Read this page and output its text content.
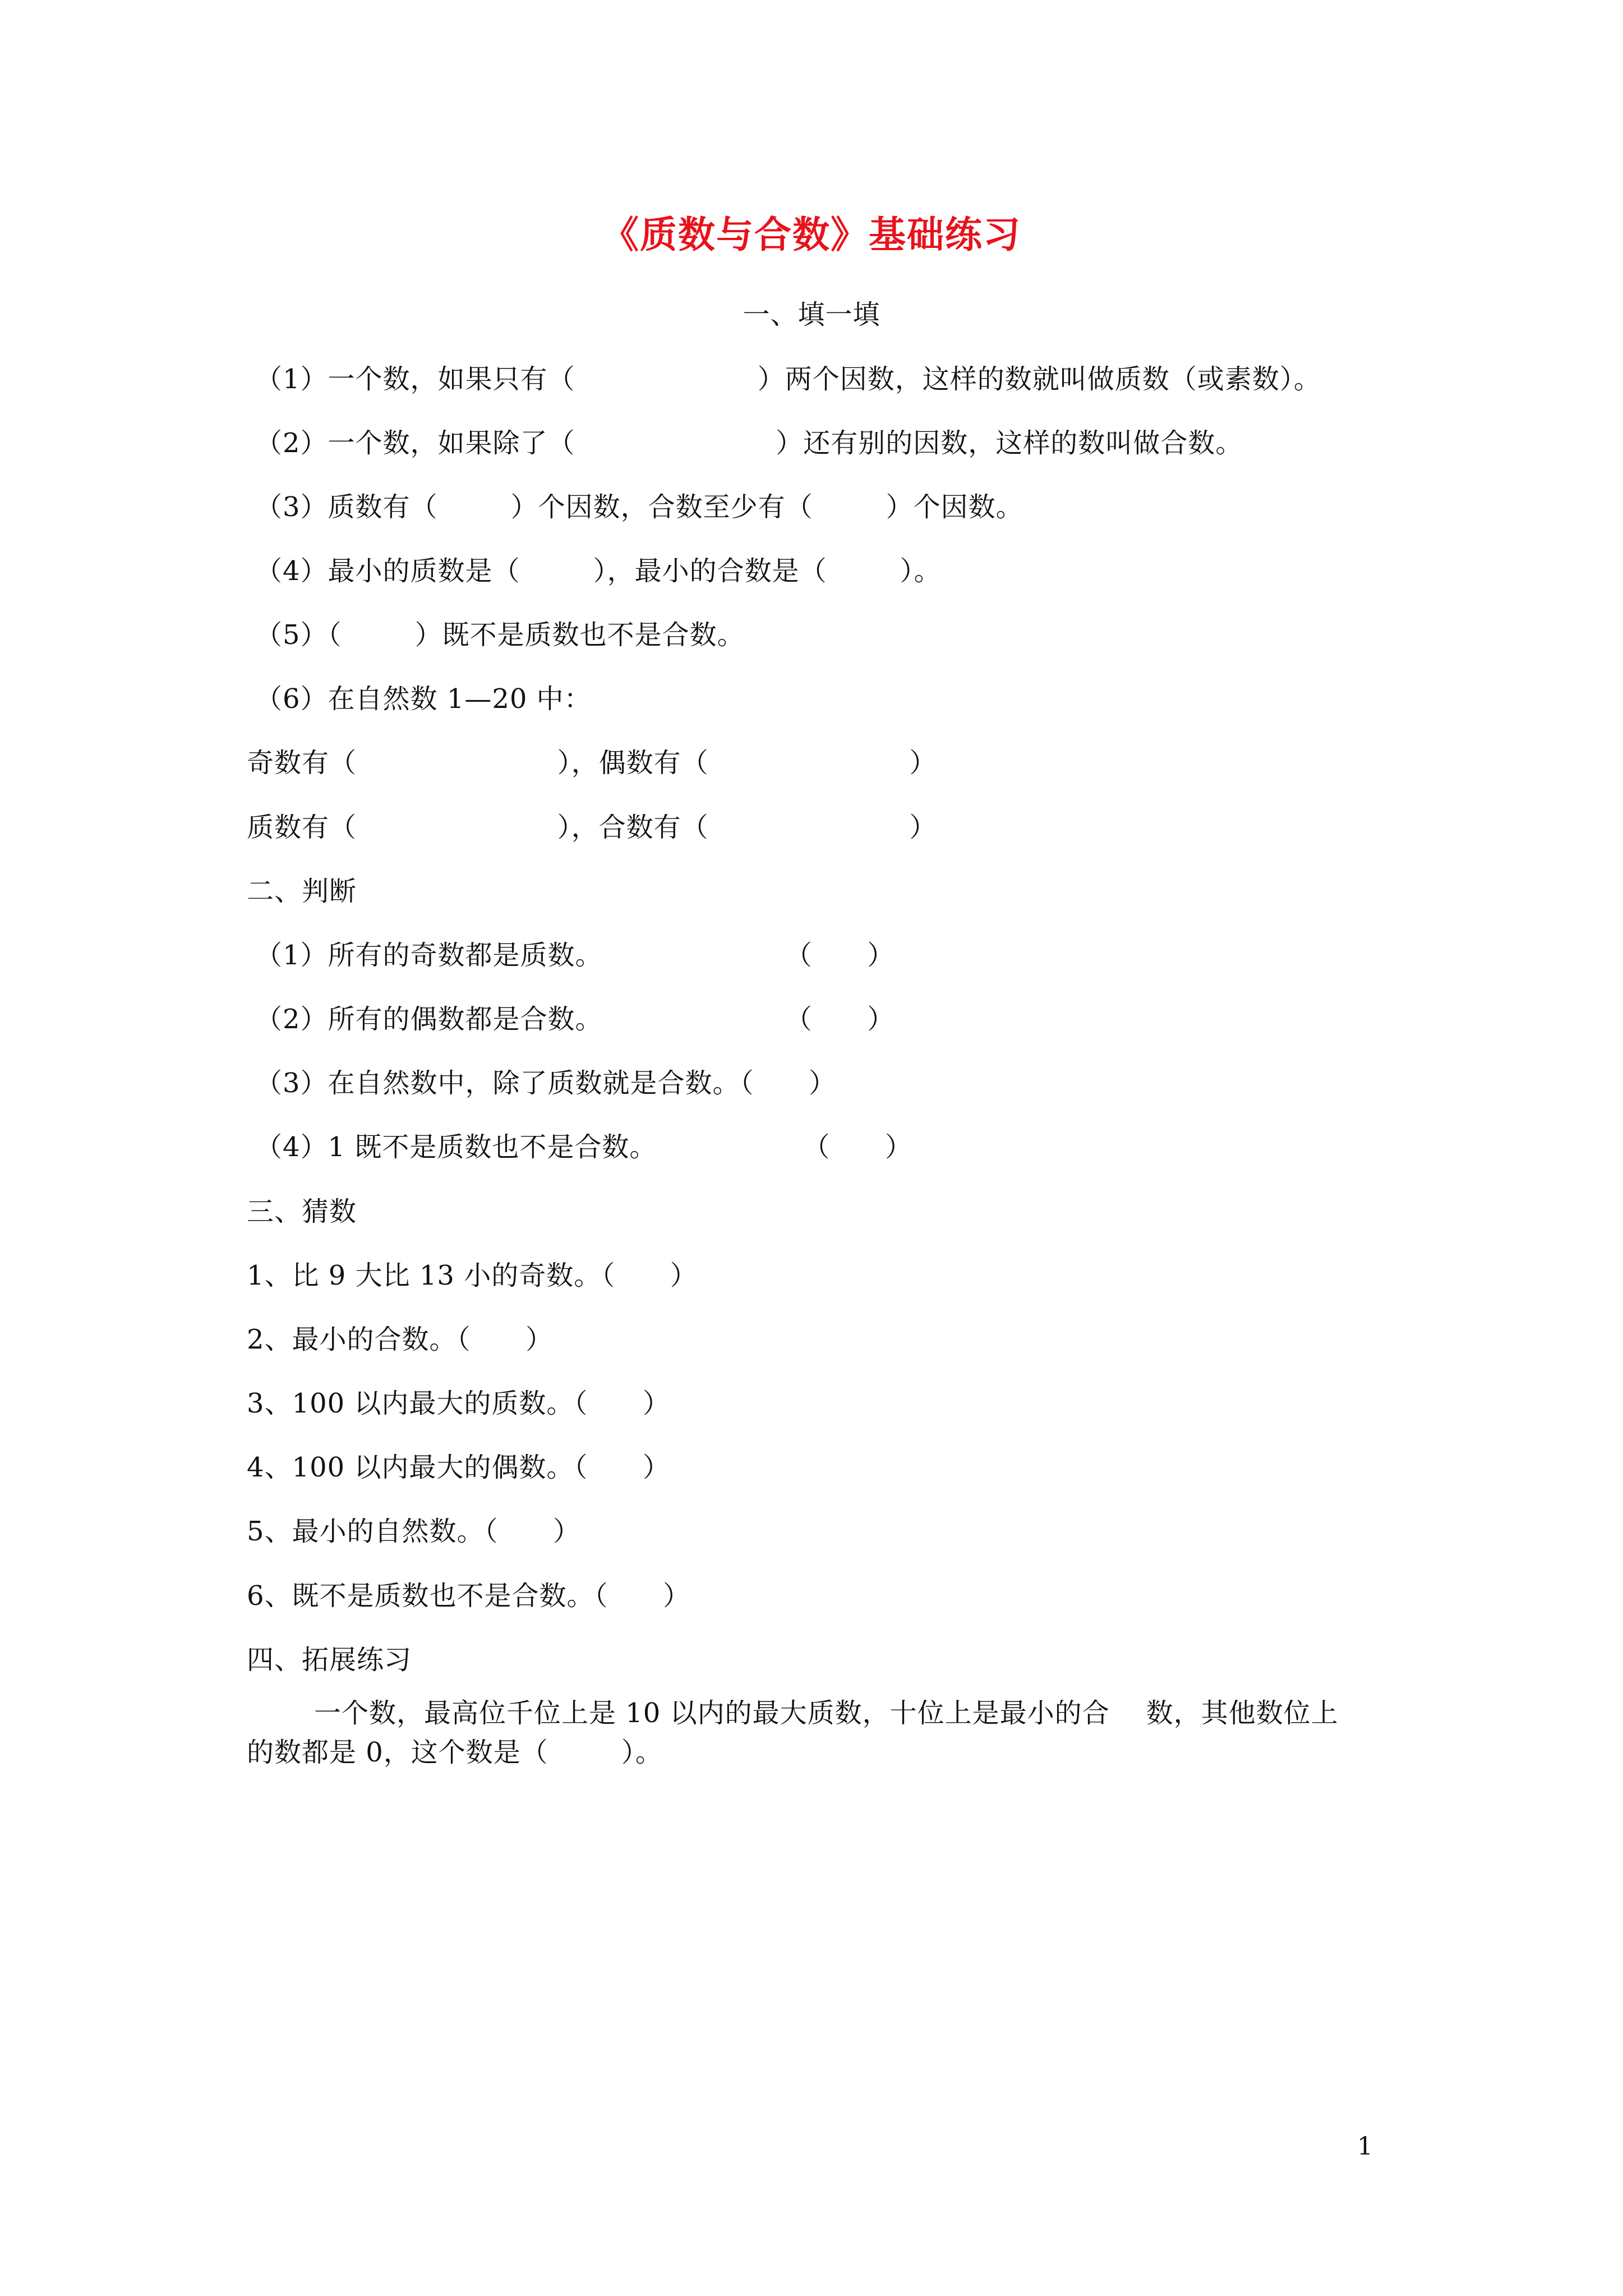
《质数与合数》基础练习
一、填一填
（1）一个数，如果只有（                    ）两个因数，这样的数就叫做质数（或素数）。
（2）一个数，如果除了（                      ）还有别的因数，这样的数叫做合数。
（3）质数有（        ）个因数，合数至少有（        ）个因数。
（4）最小的质数是（        ），最小的合数是（        ）。
（5）（        ）既不是质数也不是合数。
（6）在自然数 1—20 中：
奇数有（                      ），偶数有（                      ）
质数有（                      ），合数有（                      ）
二、判断
（1）所有的奇数都是质数。                    （      ）
（2）所有的偶数都是合数。                    （      ）
（3）在自然数中，除了质数就是合数。（      ）
（4）1 既不是质数也不是合数。                （      ）
三、猜数
1、比 9 大比 13 小的奇数。（      ）
2、最小的合数。（      ）
3、100 以内最大的质数。（      ）
4、100 以内最大的偶数。（      ）
5、最小的自然数。（      ）
6、既不是质数也不是合数。（      ）
四、拓展练习
一个数，最高位千位上是 10 以内的最大质数，十位上是最小的合    数，其他数位上
的数都是 0，这个数是（        ）。
1
